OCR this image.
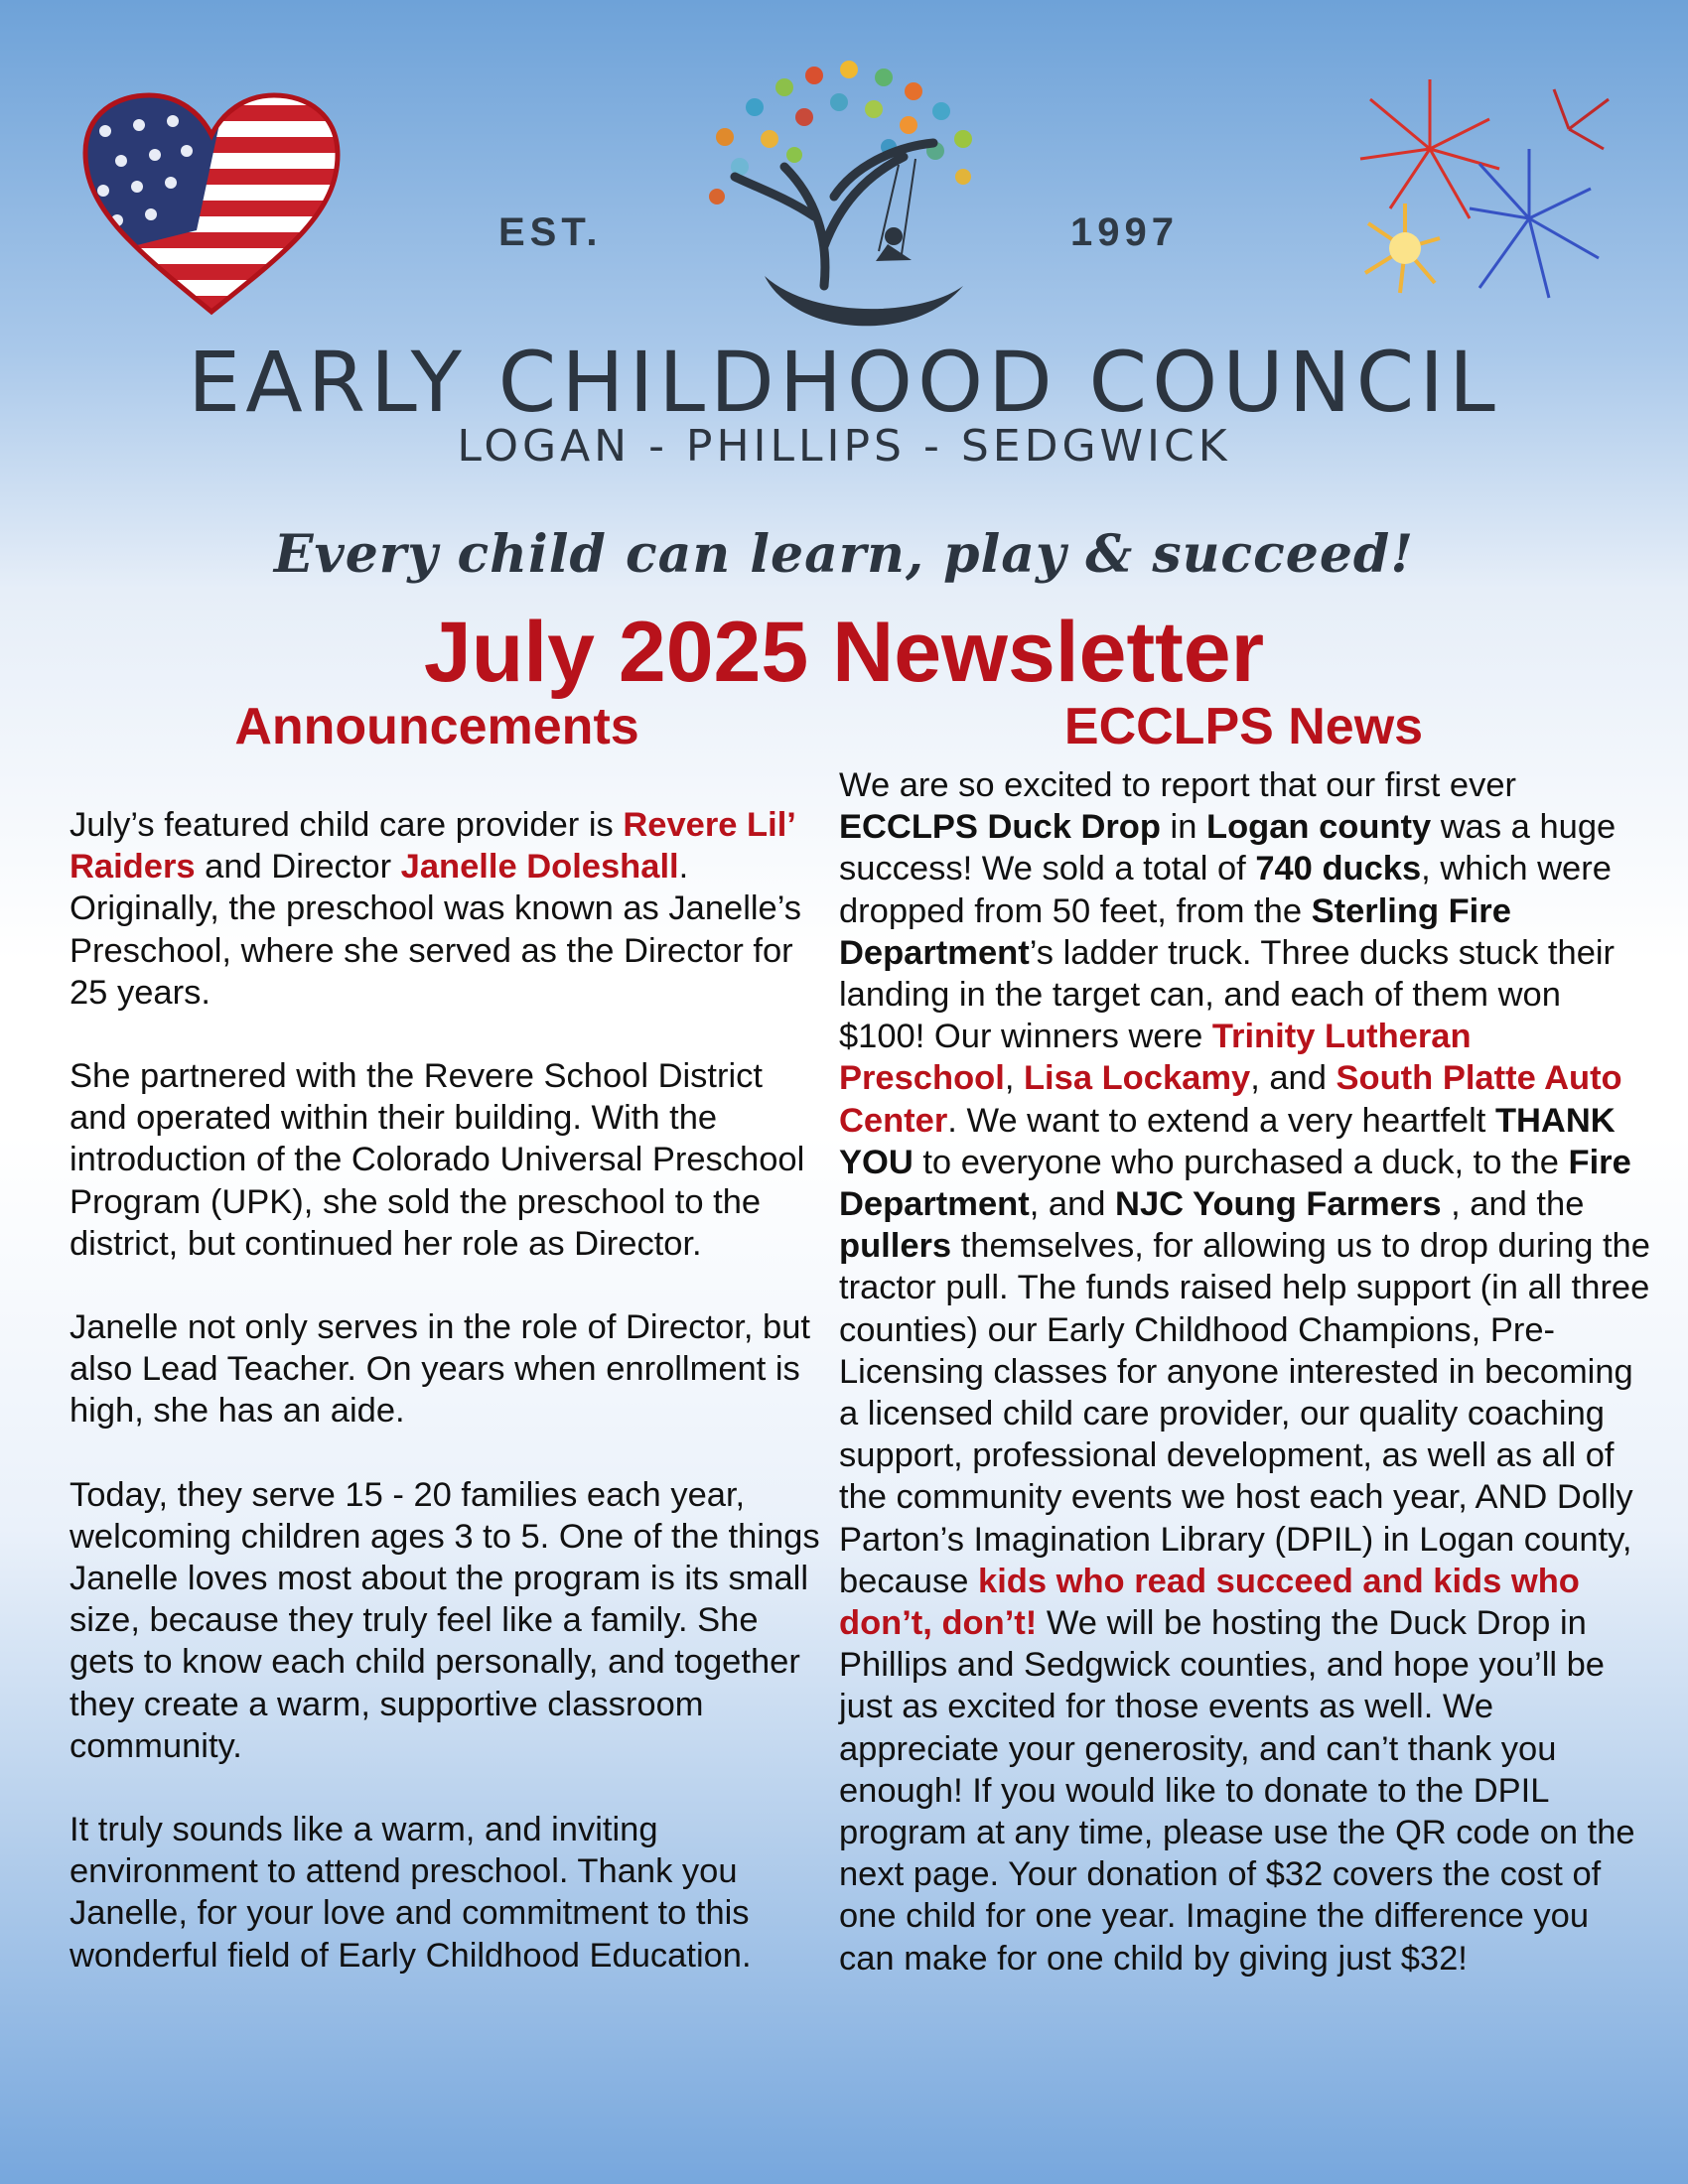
EST.	1997
EARLY CHILDHOOD COUNCIL
LOGAN - PHILLIPS - SEDGWICK
Every child can learn, play & succeed!
July 2025 Newsletter
Announcements	ECCLPS News

July’s featured child care provider is Revere Lil’ Raiders and Director Janelle Doleshall. Originally, the preschool was known as Janelle’s Preschool, where she served as the Director for 25 years.

She partnered with the Revere School District and operated within their building. With the introduction of the Colorado Universal Preschool Program (UPK), she sold the preschool to the district, but continued her role as Director.

Janelle not only serves in the role of Director, but also Lead Teacher. On years when enrollment is high, she has an aide.

Today, they serve 15 - 20 families each year, welcoming children ages 3 to 5. One of the things Janelle loves most about the program is its small size, because they truly feel like a family. She gets to know each child personally, and together they create a warm, supportive classroom community.

It truly sounds like a warm, and inviting environment to attend preschool. Thank you Janelle, for your love and commitment to this wonderful field of Early Childhood Education.

We are so excited to report that our first ever ECCLPS Duck Drop in Logan county was a huge success! We sold a total of 740 ducks, which were dropped from 50 feet, from the Sterling Fire Department’s ladder truck. Three ducks stuck their landing in the target can, and each of them won $100! Our winners were Trinity Lutheran Preschool, Lisa Lockamy, and South Platte Auto Center. We want to extend a very heartfelt THANK YOU to everyone who purchased a duck, to the Fire Department, and NJC Young Farmers , and the pullers themselves, for allowing us to drop during the tractor pull. The funds raised help support (in all three counties) our Early Childhood Champions, Pre-Licensing classes for anyone interested in becoming a licensed child care provider, our quality coaching support, professional development, as well as all of the community events we host each year, AND Dolly Parton’s Imagination Library (DPIL) in Logan county, because kids who read succeed and kids who don’t, don’t! We will be hosting the Duck Drop in Phillips and Sedgwick counties, and hope you’ll be just as excited for those events as well. We appreciate your generosity, and can’t thank you enough! If you would like to donate to the DPIL program at any time, please use the QR code on the next page. Your donation of $32 covers the cost of one child for one year. Imagine the difference you can make for one child by giving just $32!
